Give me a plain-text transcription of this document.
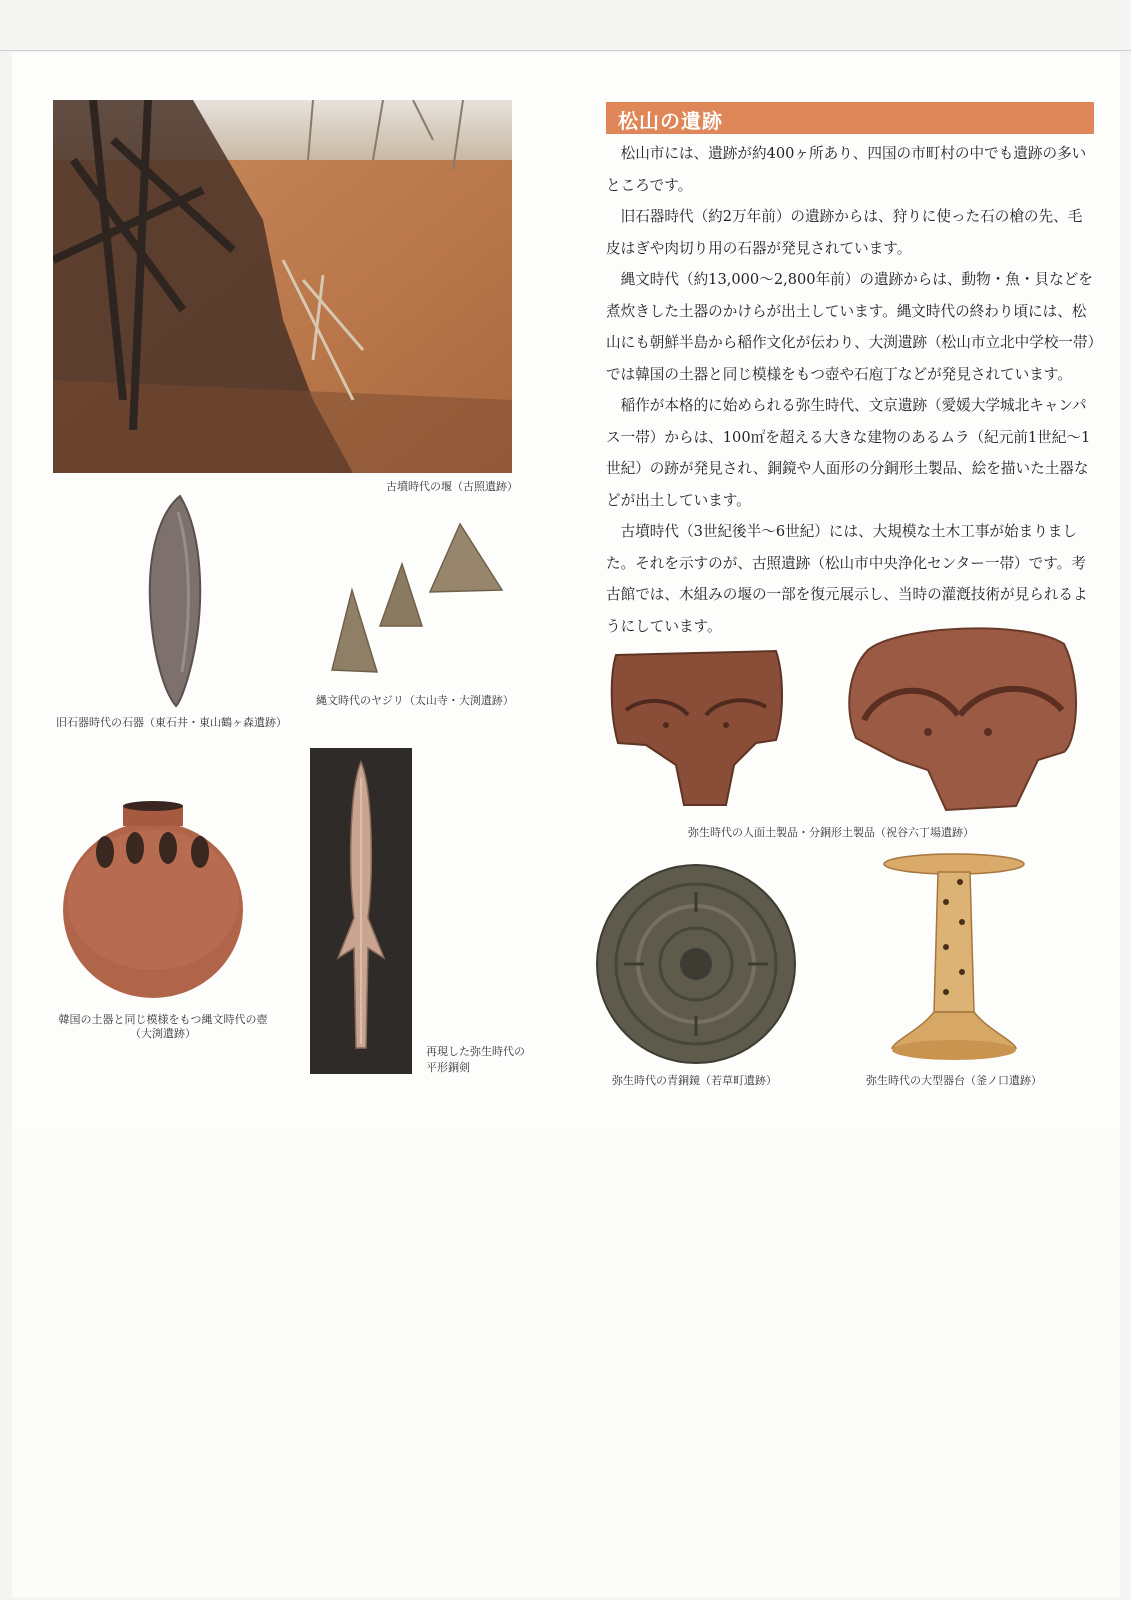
古墳時代の堰（古照遺跡）
旧石器時代の石器（東石井・東山鶴ヶ森遺跡）
縄文時代のヤジリ（太山寺・大渕遺跡）
韓国の土器と同じ模様をもつ縄文時代の壺
（大渕遺跡）
再現した弥生時代の
平形銅剣
松山の遺跡

松山市には、遺跡が約400ヶ所あり、四国の市町村の中でも遺跡の多いところです。

旧石器時代（約2万年前）の遺跡からは、狩りに使った石の槍の先、毛皮はぎや肉切り用の石器が発見されています。

縄文時代（約13,000〜2,800年前）の遺跡からは、動物・魚・貝などを煮炊きした土器のかけらが出土しています。縄文時代の終わり頃には、松山にも朝鮮半島から稲作文化が伝わり、大渕遺跡（松山市立北中学校一帯）では韓国の土器と同じ模様をもつ壺や石庖丁などが発見されています。

稲作が本格的に始められる弥生時代、文京遺跡（愛媛大学城北キャンパス一帯）からは、100㎡を超える大きな建物のあるムラ（紀元前1世紀〜1世紀）の跡が発見され、銅鏡や人面形の分銅形土製品、絵を描いた土器などが出土しています。

古墳時代（3世紀後半〜6世紀）には、大規模な土木工事が始まりました。それを示すのが、古照遺跡（松山市中央浄化センター一帯）です。考古館では、木組みの堰の一部を復元展示し、当時の灌漑技術が見られるようにしています。

弥生時代の人面土製品・分銅形土製品（祝谷六丁場遺跡）
弥生時代の青銅鏡（若草町遺跡）	弥生時代の大型器台（釜ノ口遺跡）
